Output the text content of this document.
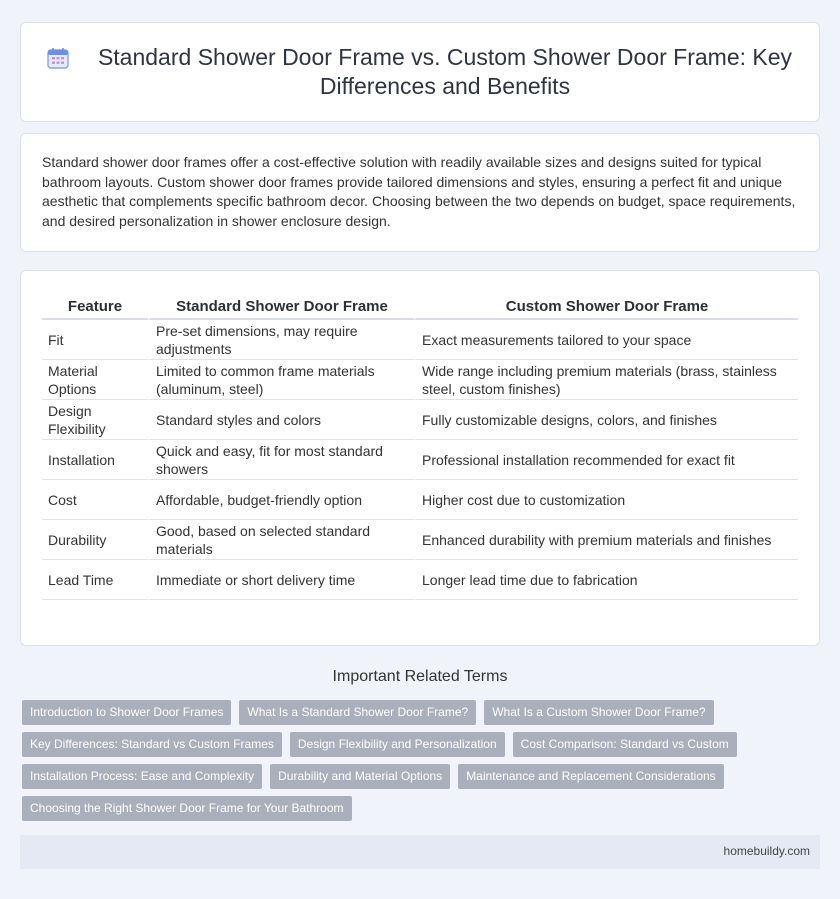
Standard Shower Door Frame vs. Custom Shower Door Frame: Key Differences and Benefits

Standard shower door frames offer a cost-effective solution with readily available sizes and designs suited for typical bathroom layouts. Custom shower door frames provide tailored dimensions and styles, ensuring a perfect fit and unique aesthetic that complements specific bathroom decor. Choosing between the two depends on budget, space requirements, and desired personalization in shower enclosure design.

Feature	Standard Shower Door Frame	Custom Shower Door Frame
Fit	Pre-set dimensions, may require adjustments	Exact measurements tailored to your space
Material Options	Limited to common frame materials (aluminum, steel)	Wide range including premium materials (brass, stainless steel, custom finishes)
Design Flexibility	Standard styles and colors	Fully customizable designs, colors, and finishes
Installation	Quick and easy, fit for most standard showers	Professional installation recommended for exact fit
Cost	Affordable, budget-friendly option	Higher cost due to customization
Durability	Good, based on selected standard materials	Enhanced durability with premium materials and finishes
Lead Time	Immediate or short delivery time	Longer lead time due to fabrication
Important Related Terms
Introduction to Shower Door Frames	What Is a Standard Shower Door Frame?	What Is a Custom Shower Door Frame?
Key Differences: Standard vs Custom Frames	Design Flexibility and Personalization	Cost Comparison: Standard vs Custom
Installation Process: Ease and Complexity	Durability and Material Options	Maintenance and Replacement Considerations
Choosing the Right Shower Door Frame for Your Bathroom
homebuildy.com
